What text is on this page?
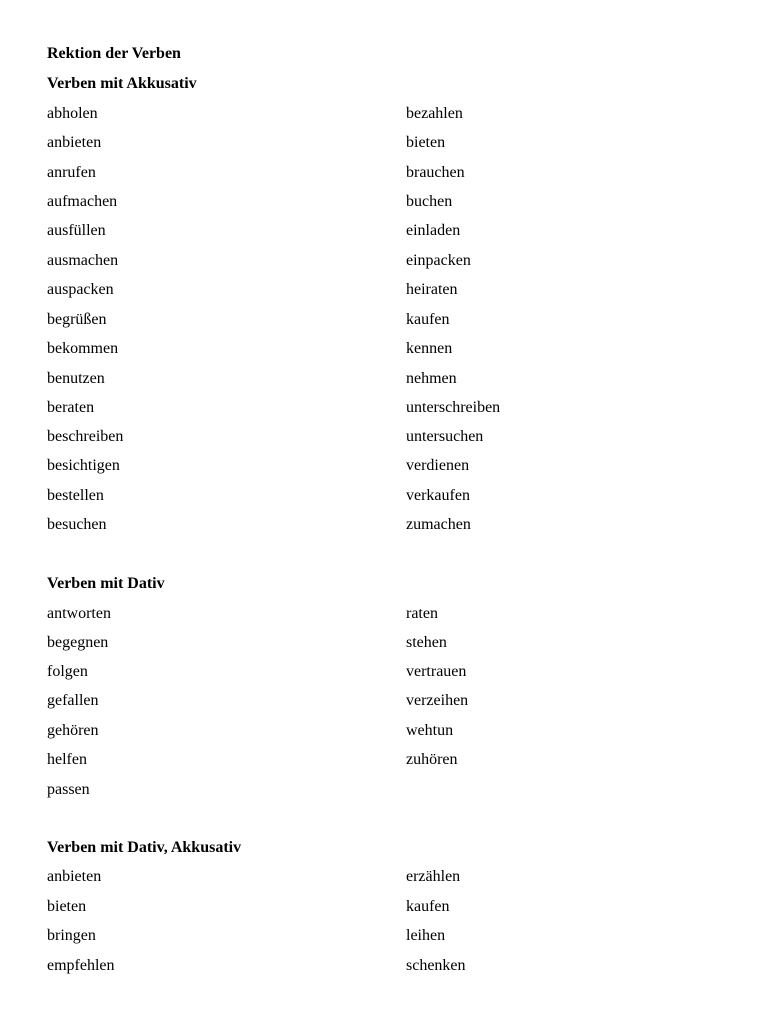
Rektion der Verben
Verben mit Akkusativ
abholen
anbieten
anrufen
aufmachen
ausfüllen
ausmachen
auspacken
begrüßen
bekommen
benutzen
beraten
beschreiben
besichtigen
bestellen
besuchen
bezahlen
bieten
brauchen
buchen
einladen
einpacken
heiraten
kaufen
kennen
nehmen
unterschreiben
untersuchen
verdienen
verkaufen
zumachen
Verben mit Dativ
antworten
begegnen
folgen
gefallen
gehören
helfen
passen
raten
stehen
vertrauen
verzeihen
wehtun
zuhören
Verben mit Dativ, Akkusativ
anbieten
bieten
bringen
empfehlen
erzählen
kaufen
leihen
schenken
